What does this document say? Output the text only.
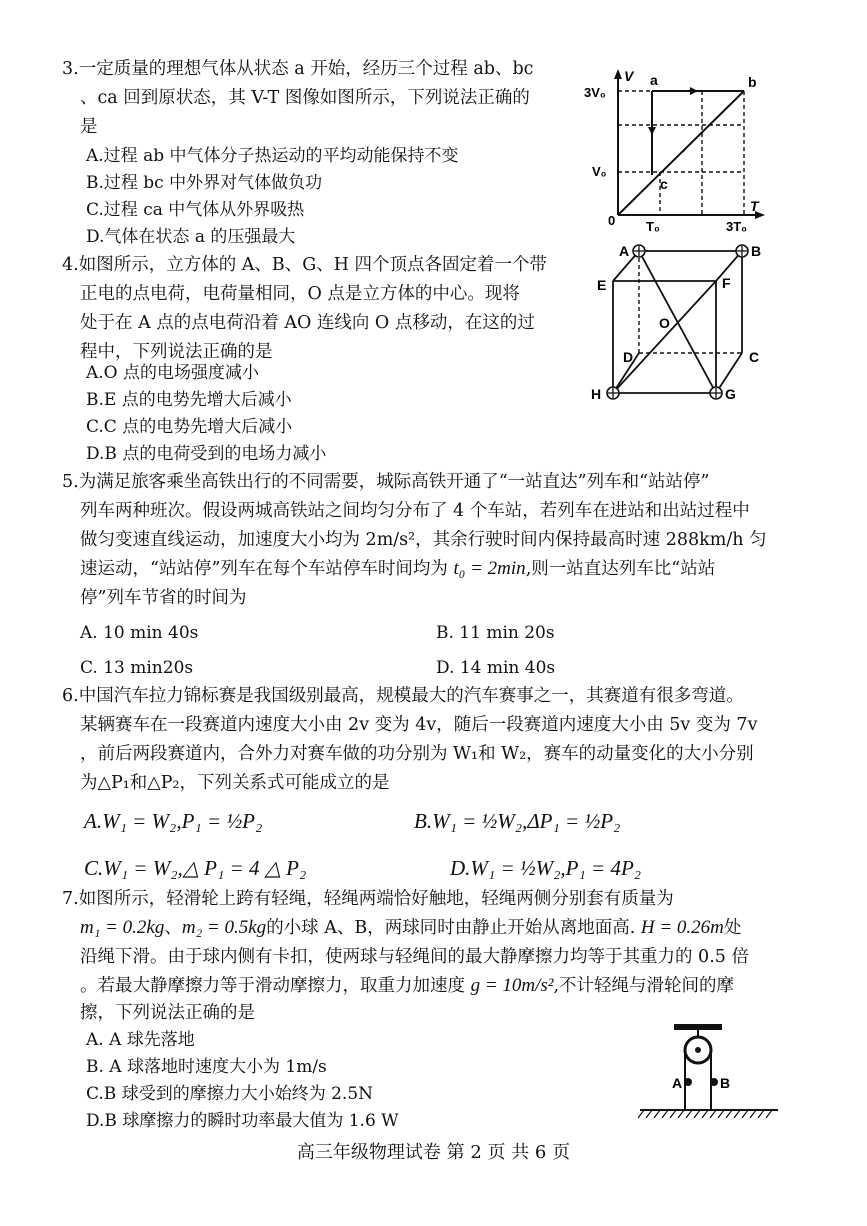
3.一定质量的理想气体从状态 a 开始，经历三个过程 ab、bc
、ca 回到原状态，其 V-T 图像如图所示，下列说法正确的
是
A.过程 ab 中气体分子热运动的平均动能保持不变
B.过程 bc 中外界对气体做负功
C.过程 ca 中气体从外界吸热
D.气体在状态 a 的压强最大
V
T
0
3V₀
V₀
T₀	3T₀
a	b
c
4.如图所示，立方体的 A、B、G、H 四个顶点各固定着一个带
正电的点电荷，电荷量相同，O 点是立方体的中心。现将
处于在 A 点的点电荷沿着 AO 连线向 O 点移动，在这的过
程中，下列说法正确的是
A.O 点的电场强度减小
B.E 点的电势先增大后减小
C.C 点的电势先增大后减小
D.B 点的电荷受到的电场力减小
A	B
E	F
O
D	C
H	G
5.为满足旅客乘坐高铁出行的不同需要，城际高铁开通了“一站直达”列车和“站站停”
列车两种班次。假设两城高铁站之间均匀分布了 4 个车站，若列车在进站和出站过程中
做匀变速直线运动，加速度大小均为 2m/s²，其余行驶时间内保持最高时速 288km/h 匀
速运动，“站站停”列车在每个车站停车时间均为 t₀ = 2min,则一站直达列车比“站站
停”列车节省的时间为
A. 10 min 40s	B. 11 min 20s
C. 13 min20s	D. 14 min 40s
6.中国汽车拉力锦标赛是我国级别最高，规模最大的汽车赛事之一，其赛道有很多弯道。
某辆赛车在一段赛道内速度大小由 2v 变为 4v，随后一段赛道内速度大小由 5v 变为 7v
，前后两段赛道内，合外力对赛车做的功分别为 W₁和 W₂，赛车的动量变化的大小分别
为△P₁和△P₂，下列关系式可能成立的是
A.W₁ = W₂,P₁ = ½P₂	B.W₁ = ½W₂,ΔP₁ = ½P₂
C.W₁ = W₂,△ P₁ = 4 △ P₂	D.W₁ = ½W₂,P₁ = 4P₂
7.如图所示，轻滑轮上跨有轻绳，轻绳两端恰好触地，轻绳两侧分别套有质量为
m₁ = 0.2kg、m₂ = 0.5kg的小球 A、B，两球同时由静止开始从离地面高. H = 0.26m处
沿绳下滑。由于球内侧有卡扣，使两球与轻绳间的最大静摩擦力均等于其重力的 0.5 倍
。若最大静摩擦力等于滑动摩擦力，取重力加速度 g = 10m/s²,不计轻绳与滑轮间的摩
擦，下列说法正确的是
A. A 球先落地
B. A 球落地时速度大小为 1m/s
C.B 球受到的摩擦力大小始终为 2.5N
D.B 球摩擦力的瞬时功率最大值为 1.6 W
A	B
高三年级物理试卷 第 2 页 共 6 页
